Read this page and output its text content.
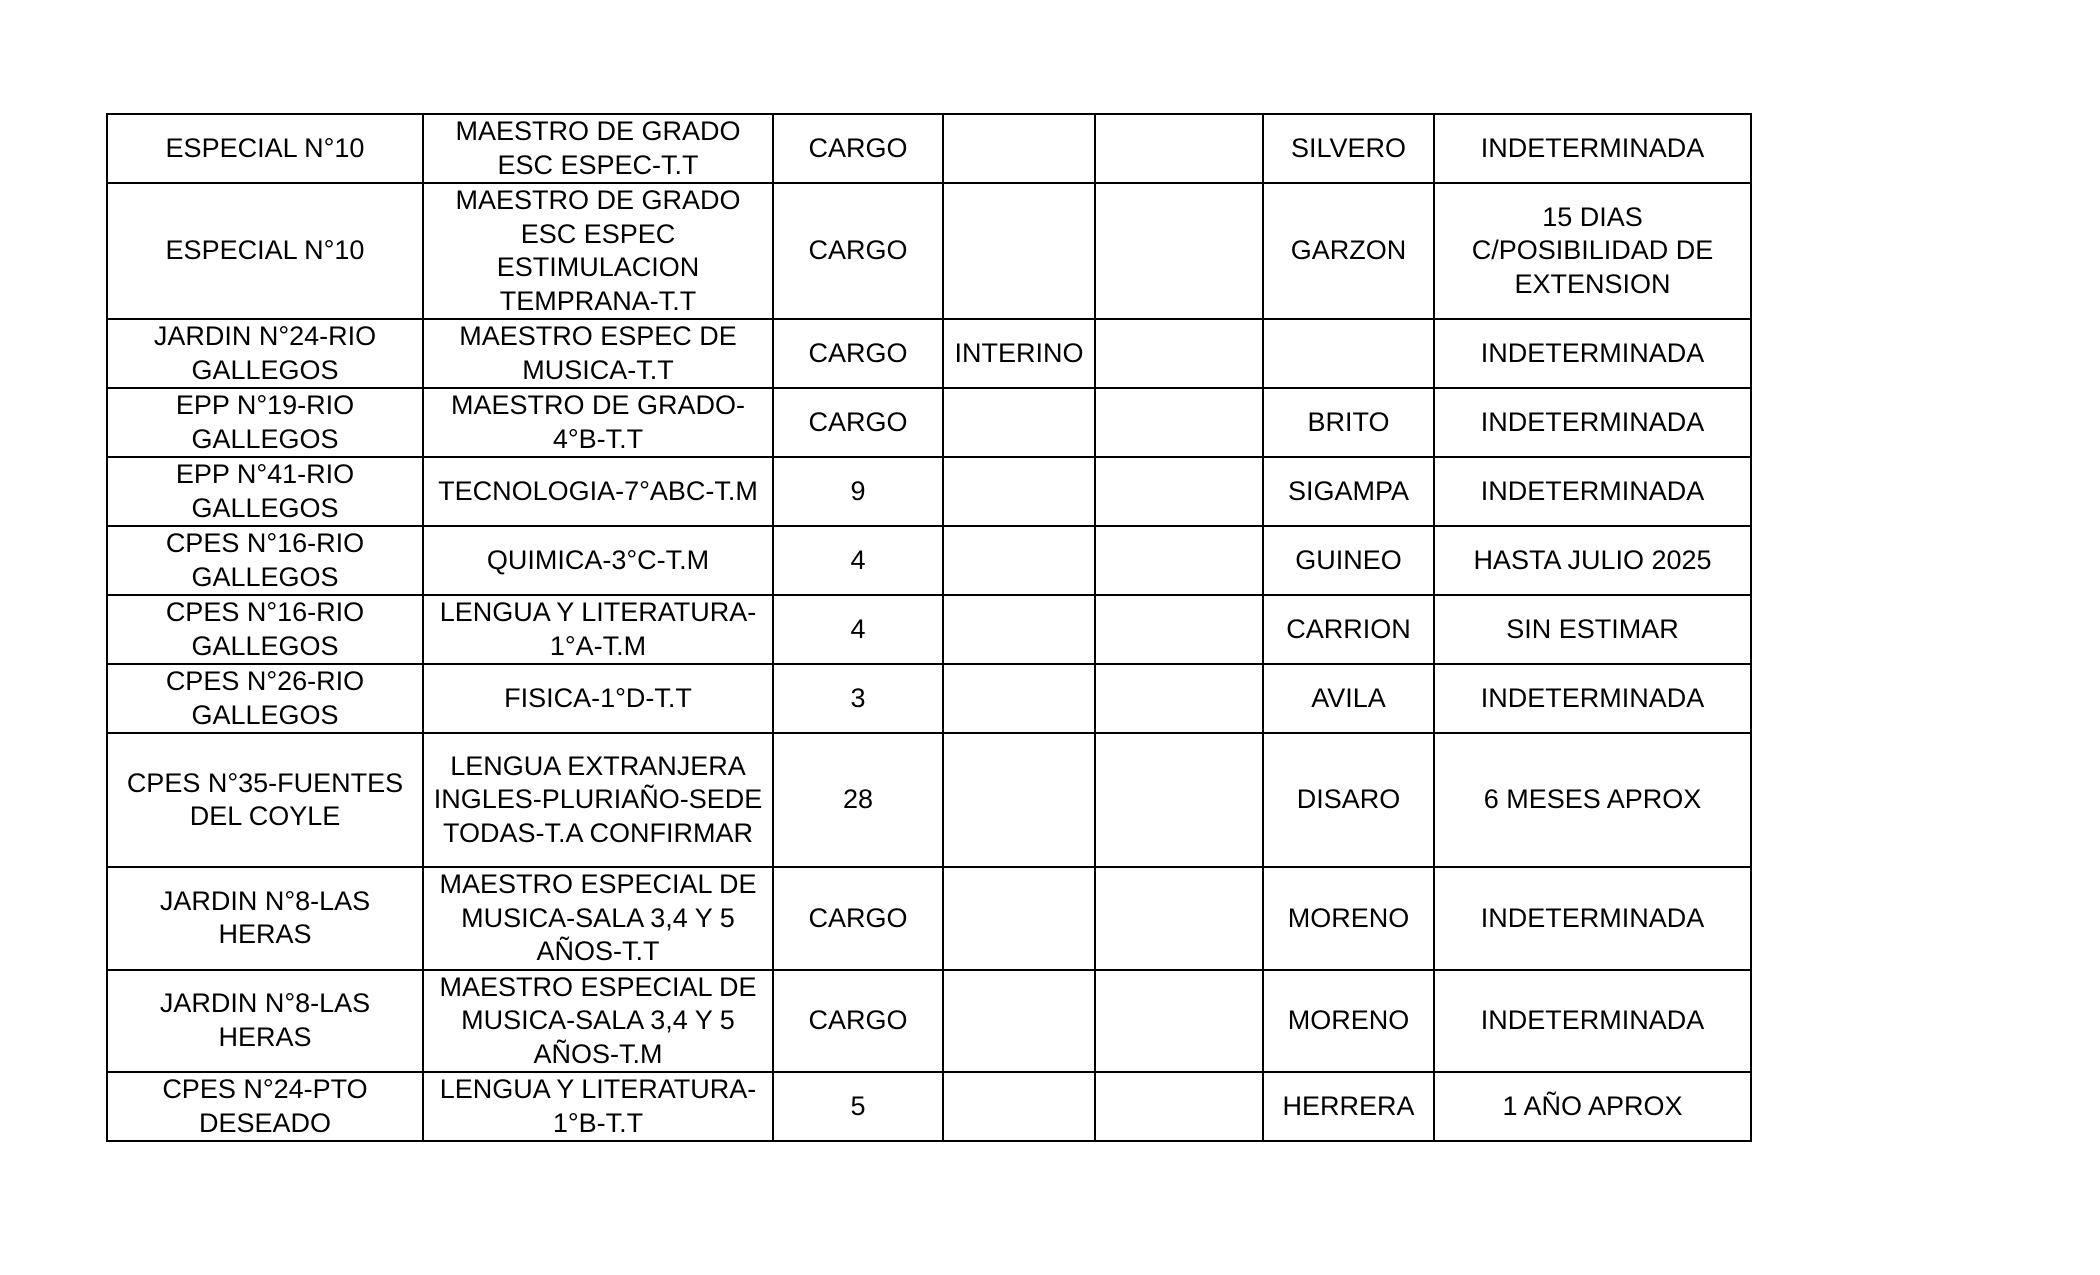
ESPECIAL N°10	MAESTRO DE GRADO
ESC ESPEC-T.T	CARGO			SILVERO	INDETERMINADA

ESPECIAL N°10	MAESTRO DE GRADO
ESC ESPEC
ESTIMULACION
TEMPRANA-T.T	CARGO			GARZON	15 DIAS
C/POSIBILIDAD DE
EXTENSION

JARDIN N°24-RIO
GALLEGOS	MAESTRO ESPEC DE
MUSICA-T.T	CARGO	INTERINO			INDETERMINADA

EPP N°19-RIO
GALLEGOS	MAESTRO DE GRADO-
4°B-T.T	CARGO			BRITO	INDETERMINADA

EPP N°41-RIO
GALLEGOS	TECNOLOGIA-7°ABC-T.M	9			SIGAMPA	INDETERMINADA

CPES N°16-RIO
GALLEGOS	QUIMICA-3°C-T.M	4			GUINEO	HASTA JULIO 2025

CPES N°16-RIO
GALLEGOS	LENGUA Y LITERATURA-
1°A-T.M	4			CARRION	SIN ESTIMAR

CPES N°26-RIO
GALLEGOS	FISICA-1°D-T.T	3			AVILA	INDETERMINADA

CPES N°35-FUENTES
DEL COYLE	LENGUA EXTRANJERA
INGLES-PLURIAÑO-SEDE
TODAS-T.A CONFIRMAR	28			DISARO	6 MESES APROX

JARDIN N°8-LAS
HERAS	MAESTRO ESPECIAL DE
MUSICA-SALA 3,4 Y 5
AÑOS-T.T	CARGO			MORENO	INDETERMINADA

JARDIN N°8-LAS
HERAS	MAESTRO ESPECIAL DE
MUSICA-SALA 3,4 Y 5
AÑOS-T.M	CARGO			MORENO	INDETERMINADA

CPES N°24-PTO
DESEADO	LENGUA Y LITERATURA-
1°B-T.T	5			HERRERA	1 AÑO APROX
